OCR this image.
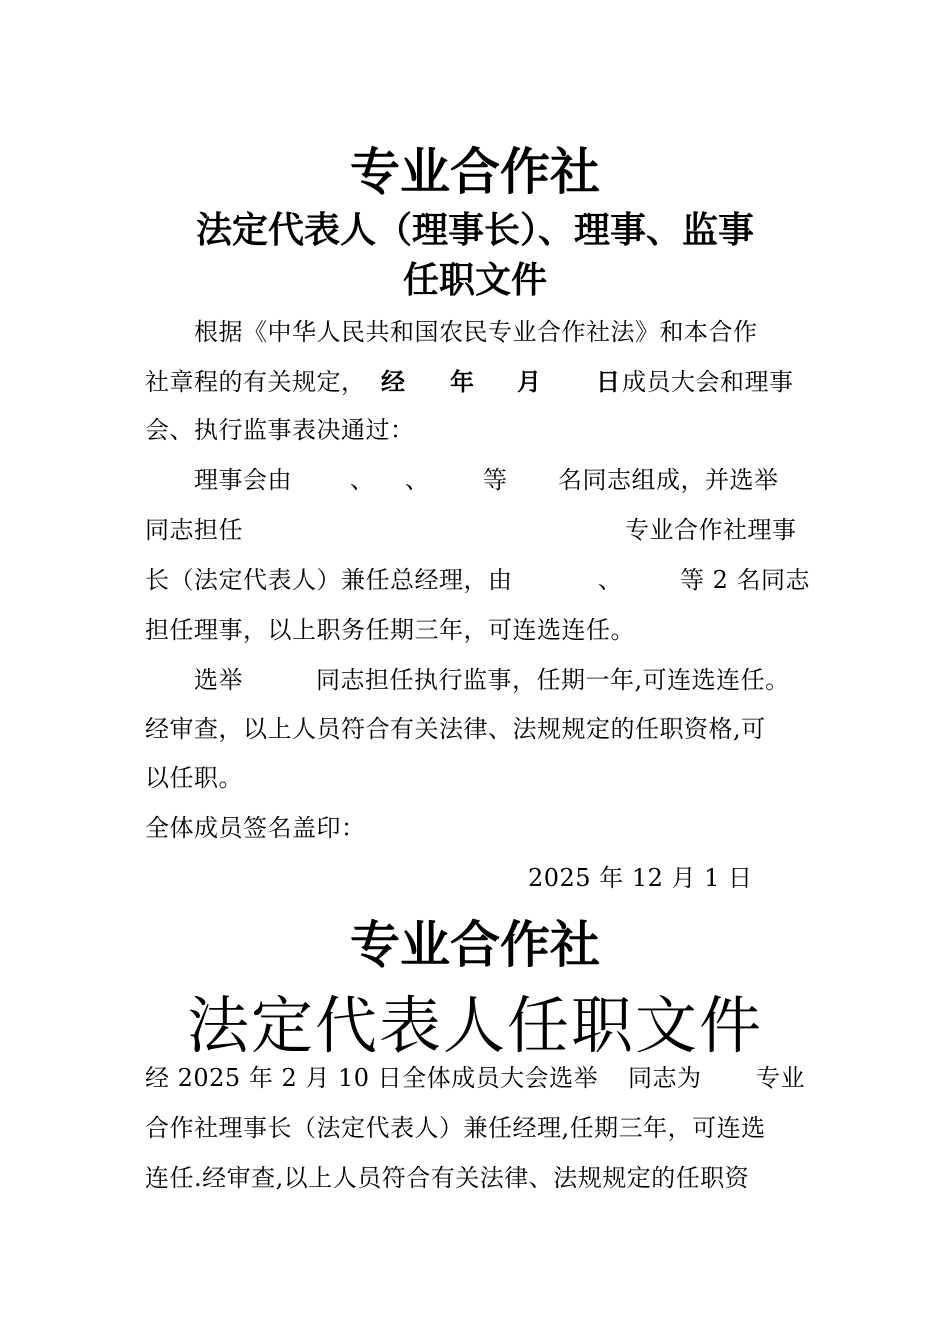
专业合作社
法定代表人（理事长）、理事、监事
任职文件
根据《中华人民共和国农民专业合作社法》和本合作
社章程的有关规定， 经 年 月 日 成员大会和理事
会、执行监事表决通过：
理事会由 、 、 等 名同志组成，并选举
同志担任	专业合作社理事
长（法定代表人）兼任总经理，由	、 等 2 名同志
担任理事，以上职务任期三年，可连选连任。
选举	同志担任执行监事，任期一年,可连选连任。
经审查，以上人员符合有关法律、法规规定的任职资格,可
以任职。
全体成员签名盖印：
2025 年 12 月 1 日
专业合作社
法定代表人任职文件
经 2025 年 2 月 10 日全体成员大会选举 同志为 专业
合作社理事长（法定代表人）兼任经理,任期三年，可连选
连任.经审查,以上人员符合有关法律、法规规定的任职资
